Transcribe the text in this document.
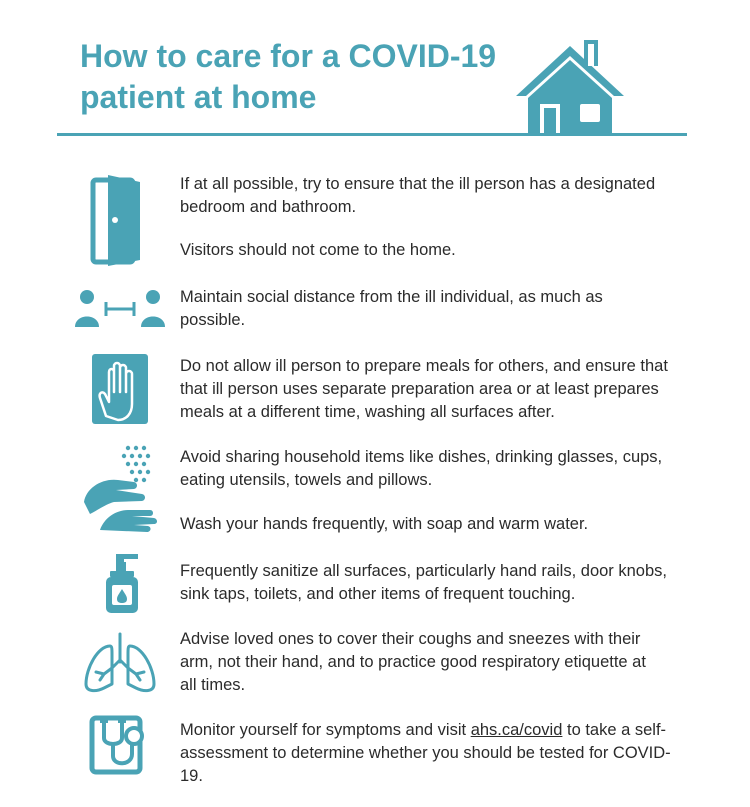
How to care for a COVID-19 patient at home
If at all possible, try to ensure that the ill person has a designated bedroom and bathroom.
Visitors should not come to the home.
Maintain social distance from the ill individual, as much as possible.
Do not allow ill person to prepare meals for others, and ensure that that ill person uses separate preparation area or at least prepares meals at a different time, washing all surfaces after.
Avoid sharing household items like dishes, drinking glasses, cups, eating utensils, towels and pillows.
Wash your hands frequently, with soap and warm water.
Frequently sanitize all surfaces, particularly hand rails, door knobs, sink taps, toilets, and other items of frequent touching.
Advise loved ones to cover their coughs and sneezes with their arm, not their hand, and to practice good respiratory etiquette at all times.
Monitor yourself for symptoms and visit ahs.ca/covid to take a self-assessment to determine whether you should be tested for COVID-19.
